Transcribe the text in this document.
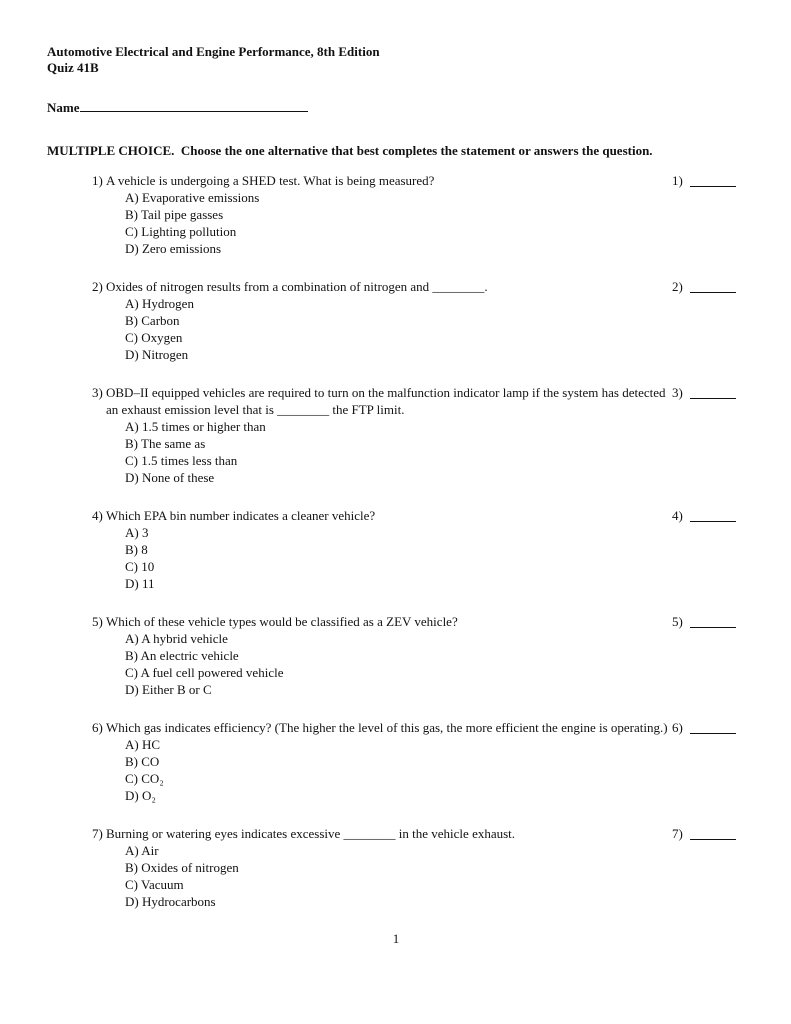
Automotive Electrical and Engine Performance, 8th Edition
Quiz 41B
Name
MULTIPLE CHOICE.  Choose the one alternative that best completes the statement or answers the question.
1) A vehicle is undergoing a SHED test. What is being measured?	1)
A) Evaporative emissions
B) Tail pipe gasses
C) Lighting pollution
D) Zero emissions
2) Oxides of nitrogen results from a combination of nitrogen and ________.	2)
A) Hydrogen
B) Carbon
C) Oxygen
D) Nitrogen
3) OBD–II equipped vehicles are required to turn on the malfunction indicator lamp if the system has detected an exhaust emission level that is ________ the FTP limit.
3)
A) 1.5 times or higher than
B) The same as
C) 1.5 times less than
D) None of these
4) Which EPA bin number indicates a cleaner vehicle?	4)
A) 3
B) 8
C) 10
D) 11
5) Which of these vehicle types would be classified as a ZEV vehicle?	5)
A) A hybrid vehicle
B) An electric vehicle
C) A fuel cell powered vehicle
D) Either B or C
6) Which gas indicates efficiency? (The higher the level of this gas, the more efficient the engine is operating.) 6)
A) HC
B) CO
C) CO₂
D) O₂
7) Burning or watering eyes indicates excessive ________ in the vehicle exhaust.	7)
A) Air
B) Oxides of nitrogen
C) Vacuum
D) Hydrocarbons
1
